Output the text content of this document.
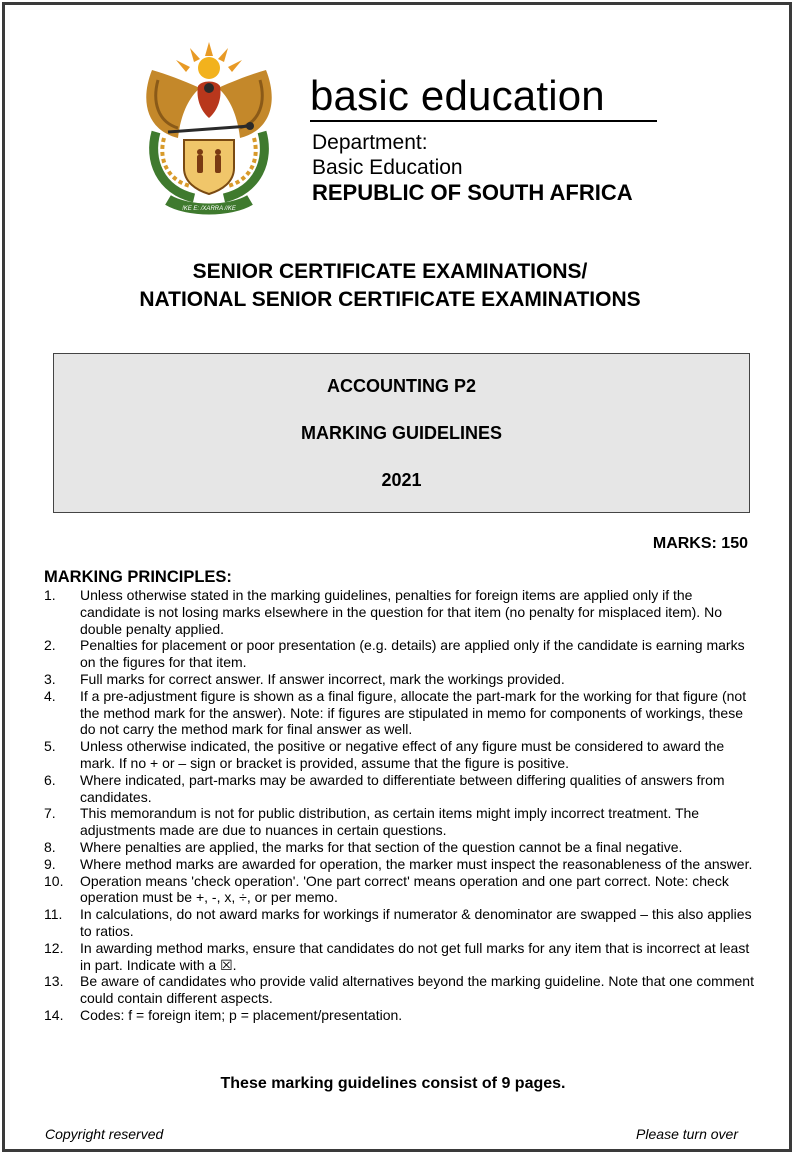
!KE E: /XARRA //KE
basic education
Department:
Basic Education
REPUBLIC OF SOUTH AFRICA
SENIOR CERTIFICATE EXAMINATIONS/
NATIONAL SENIOR CERTIFICATE EXAMINATIONS
ACCOUNTING P2
MARKING GUIDELINES
2021
MARKS: 150
MARKING PRINCIPLES:
1. Unless otherwise stated in the marking guidelines, penalties for foreign items are applied only if the candidate is not losing marks elsewhere in the question for that item (no penalty for misplaced item). No double penalty applied.
2. Penalties for placement or poor presentation (e.g. details) are applied only if the candidate is earning marks on the figures for that item.
3. Full marks for correct answer. If answer incorrect, mark the workings provided.
4. If a pre-adjustment figure is shown as a final figure, allocate the part-mark for the working for that figure (not the method mark for the answer). Note: if figures are stipulated in memo for components of workings, these do not carry the method mark for final answer as well.
5. Unless otherwise indicated, the positive or negative effect of any figure must be considered to award the mark. If no + or – sign or bracket is provided, assume that the figure is positive.
6. Where indicated, part-marks may be awarded to differentiate between differing qualities of answers from candidates.
7. This memorandum is not for public distribution, as certain items might imply incorrect treatment. The adjustments made are due to nuances in certain questions.
8. Where penalties are applied, the marks for that section of the question cannot be a final negative.
9. Where method marks are awarded for operation, the marker must inspect the reasonableness of the answer.
10. Operation means 'check operation'. 'One part correct' means operation and one part correct. Note: check operation must be +, -, x, ÷, or per memo.
11. In calculations, do not award marks for workings if numerator & denominator are swapped – this also applies to ratios.
12. In awarding method marks, ensure that candidates do not get full marks for any item that is incorrect at least in part. Indicate with a ☒.
13. Be aware of candidates who provide valid alternatives beyond the marking guideline. Note that one comment could contain different aspects.
14. Codes: f = foreign item; p = placement/presentation.
These marking guidelines consist of 9 pages.
Copyright reserved	Please turn over
